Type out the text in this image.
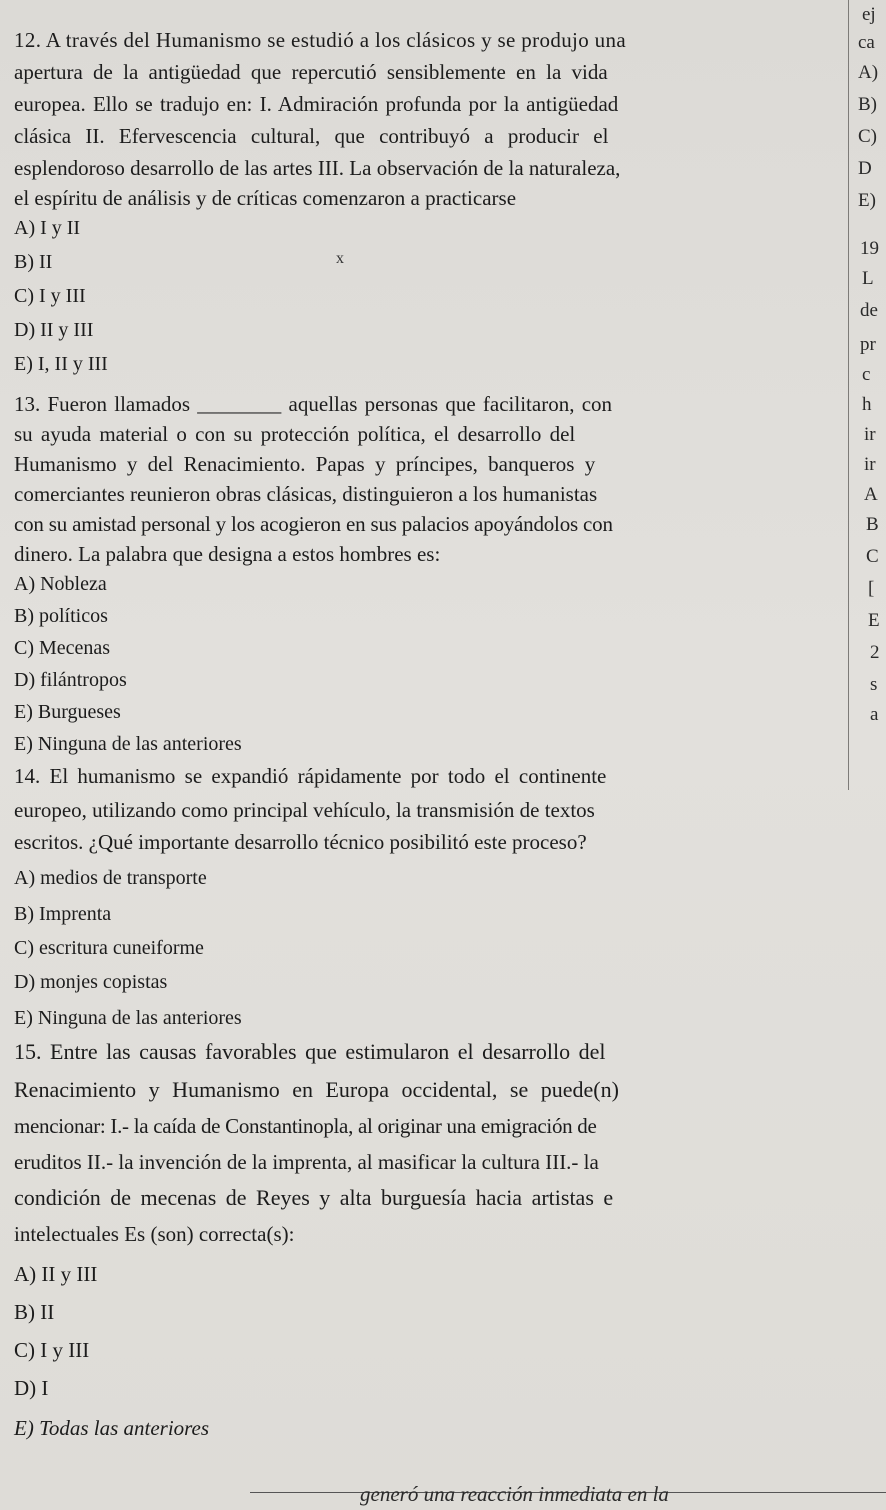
12. A través del Humanismo se estudió a los clásicos y se produjo una
apertura de la antigüedad que repercutió sensiblemente en la vida
europea. Ello se tradujo en: I. Admiración profunda por la antigüedad
clásica II. Efervescencia cultural, que contribuyó a producir el
esplendoroso desarrollo de las artes III. La observación de la naturaleza,
el espíritu de análisis y de críticas comenzaron a practicarse
A) I y II
B) II
C) I y III
D) II y III
E) I, II y III
13. Fueron llamados ________ aquellas personas que facilitaron, con
su ayuda material o con su protección política, el desarrollo del
Humanismo y del Renacimiento. Papas y príncipes, banqueros y
comerciantes reunieron obras clásicas, distinguieron a los humanistas
con su amistad personal y los acogieron en sus palacios apoyándolos con
dinero. La palabra que designa a estos hombres es:
A) Nobleza
B) políticos
C) Mecenas
D) filántropos
E) Burgueses
E) Ninguna de las anteriores
14. El humanismo se expandió rápidamente por todo el continente
europeo, utilizando como principal vehículo, la transmisión de textos
escritos. ¿Qué importante desarrollo técnico posibilitó este proceso?
A) medios de transporte
B) Imprenta
C) escritura cuneiforme
D) monjes copistas
E) Ninguna de las anteriores
15. Entre las causas favorables que estimularon el desarrollo del
Renacimiento y Humanismo en Europa occidental, se puede(n)
mencionar: I.- la caída de Constantinopla, al originar una emigración de
eruditos II.- la invención de la imprenta, al masificar la cultura III.- la
condición de mecenas de Reyes y alta burguesía hacia artistas e
intelectuales Es (son) correcta(s):
A) II y III
B) II
C) I y III
D) I
E) Todas las anteriores
x
ej
ca
A)
B)
C)
D
E)
19
L
de
pr
c
h
ir
ir
A
B
C
[
E
2
s
a
generó una reacción inmediata en la
